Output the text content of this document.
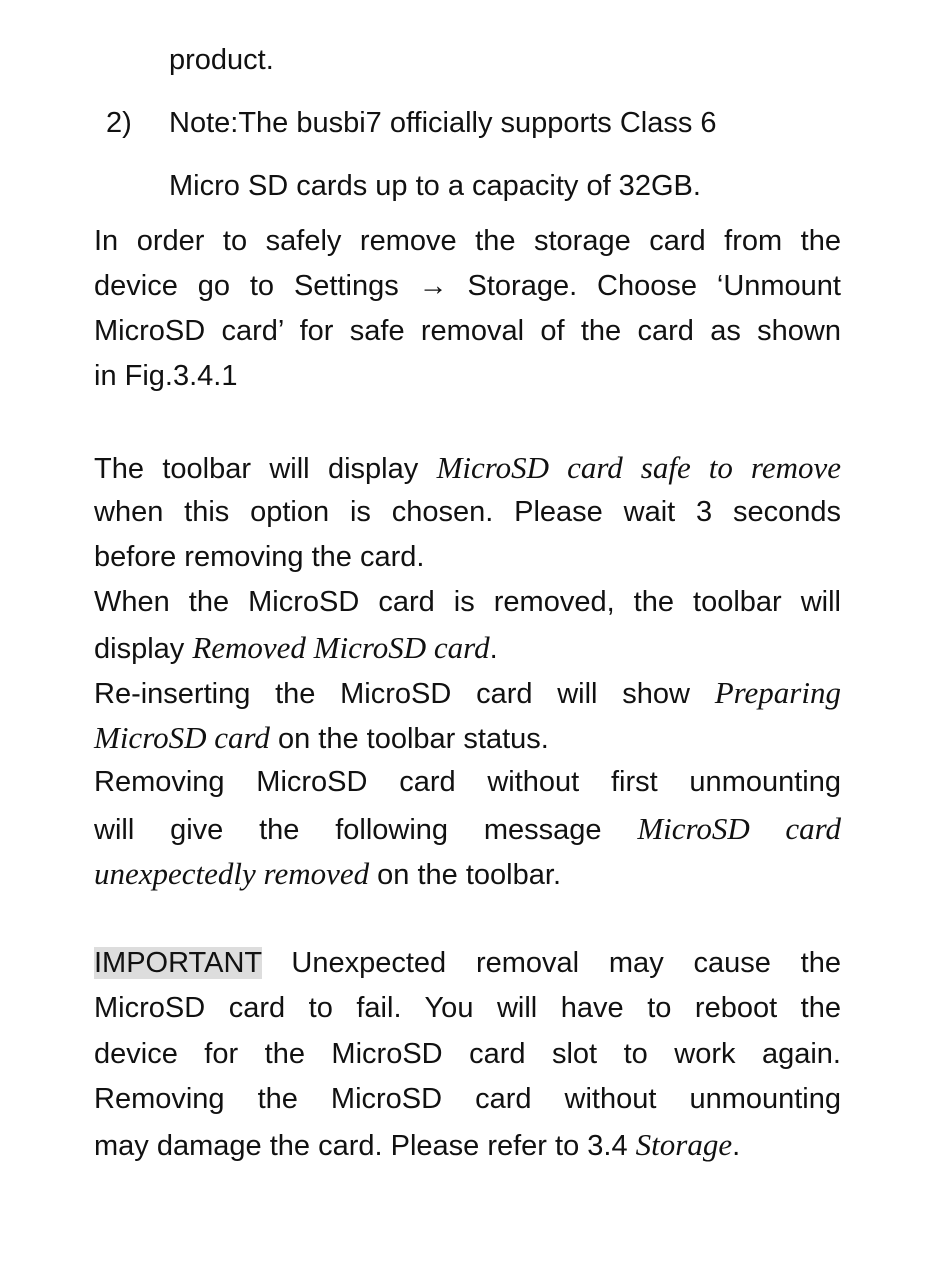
product.
2) Note:The busbi7 officially supports Class 6
Micro SD cards up to a capacity of 32GB.
In order to safely remove the storage card from the
device go to Settings → Storage. Choose ‘Unmount
MicroSD card’ for safe removal of the card as shown
in Fig.3.4.1
The toolbar will display MicroSD card safe to remove
when this option is chosen. Please wait 3 seconds
before removing the card.
When the MicroSD card is removed, the toolbar will
display Removed MicroSD card.
Re-inserting the MicroSD card will show Preparing
MicroSD card on the toolbar status.
Removing MicroSD card without first unmounting
will give the following message MicroSD card
unexpectedly removed on the toolbar.
IMPORTANT Unexpected removal may cause the
MicroSD card to fail. You will have to reboot the
device for the MicroSD card slot to work again.
Removing the MicroSD card without unmounting
may damage the card. Please refer to 3.4 Storage.
